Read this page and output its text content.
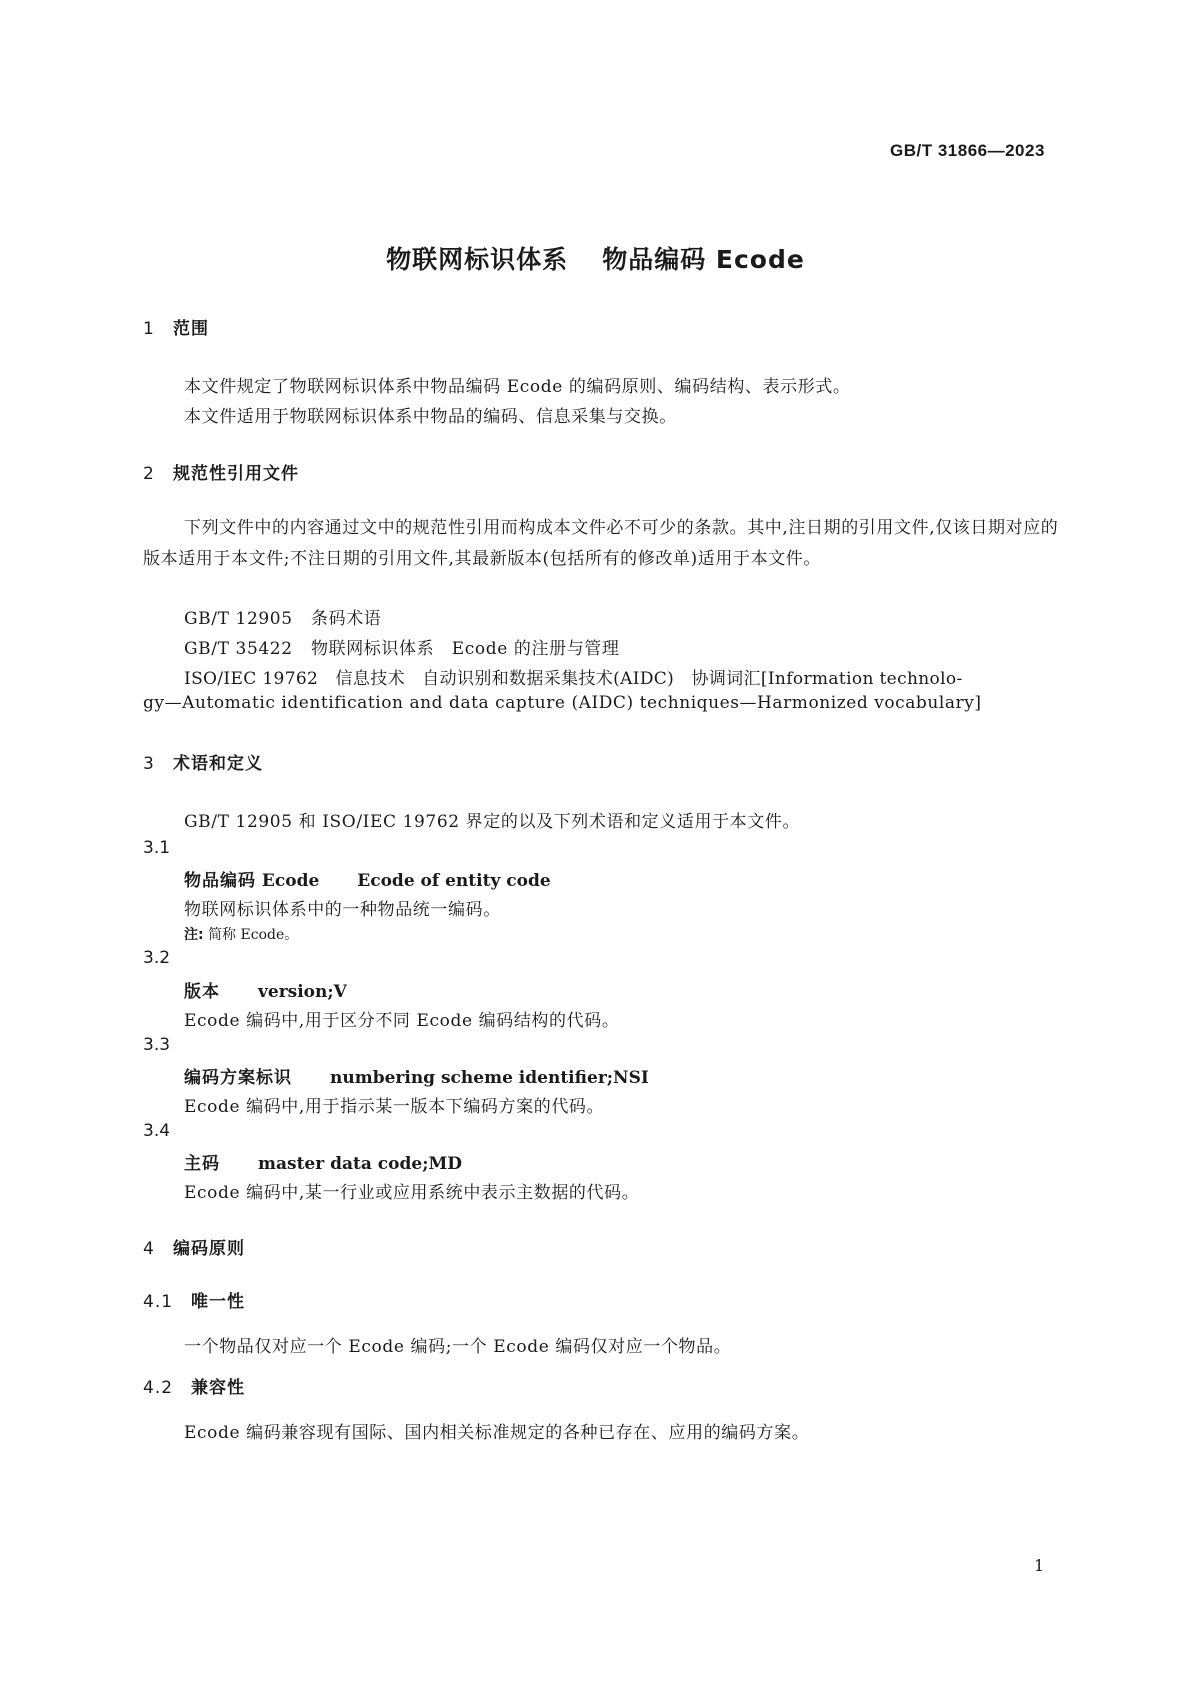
GB/T 31866—2023
物联网标识体系 物品编码 Ecode
1 范围
本文件规定了物联网标识体系中物品编码 Ecode 的编码原则、编码结构、表示形式。
本文件适用于物联网标识体系中物品的编码、信息采集与交换。
2 规范性引用文件
下列文件中的内容通过文中的规范性引用而构成本文件必不可少的条款。其中,注日期的引用文件,仅该日期对应的版本适用于本文件;不注日期的引用文件,其最新版本(包括所有的修改单)适用于本文件。
GB/T 12905 条码术语
GB/T 35422 物联网标识体系　Ecode 的注册与管理
ISO/IEC 19762　信息技术　自动识别和数据采集技术(AIDC)　协调词汇[Information technolo-
gy—Automatic identification and data capture (AIDC) techniques—Harmonized vocabulary]
3 术语和定义
GB/T 12905 和 ISO/IEC 19762 界定的以及下列术语和定义适用于本文件。
3.1
物品编码 Ecode Ecode of entity code
物联网标识体系中的一种物品统一编码。
注: 简称 Ecode。
3.2
版本 version;V
Ecode 编码中,用于区分不同 Ecode 编码结构的代码。
3.3
编码方案标识 numbering scheme identifier;NSI
Ecode 编码中,用于指示某一版本下编码方案的代码。
3.4
主码 master data code;MD
Ecode 编码中,某一行业或应用系统中表示主数据的代码。
4 编码原则
4.1 唯一性
一个物品仅对应一个 Ecode 编码;一个 Ecode 编码仅对应一个物品。
4.2 兼容性
Ecode 编码兼容现有国际、国内相关标准规定的各种已存在、应用的编码方案。
1
